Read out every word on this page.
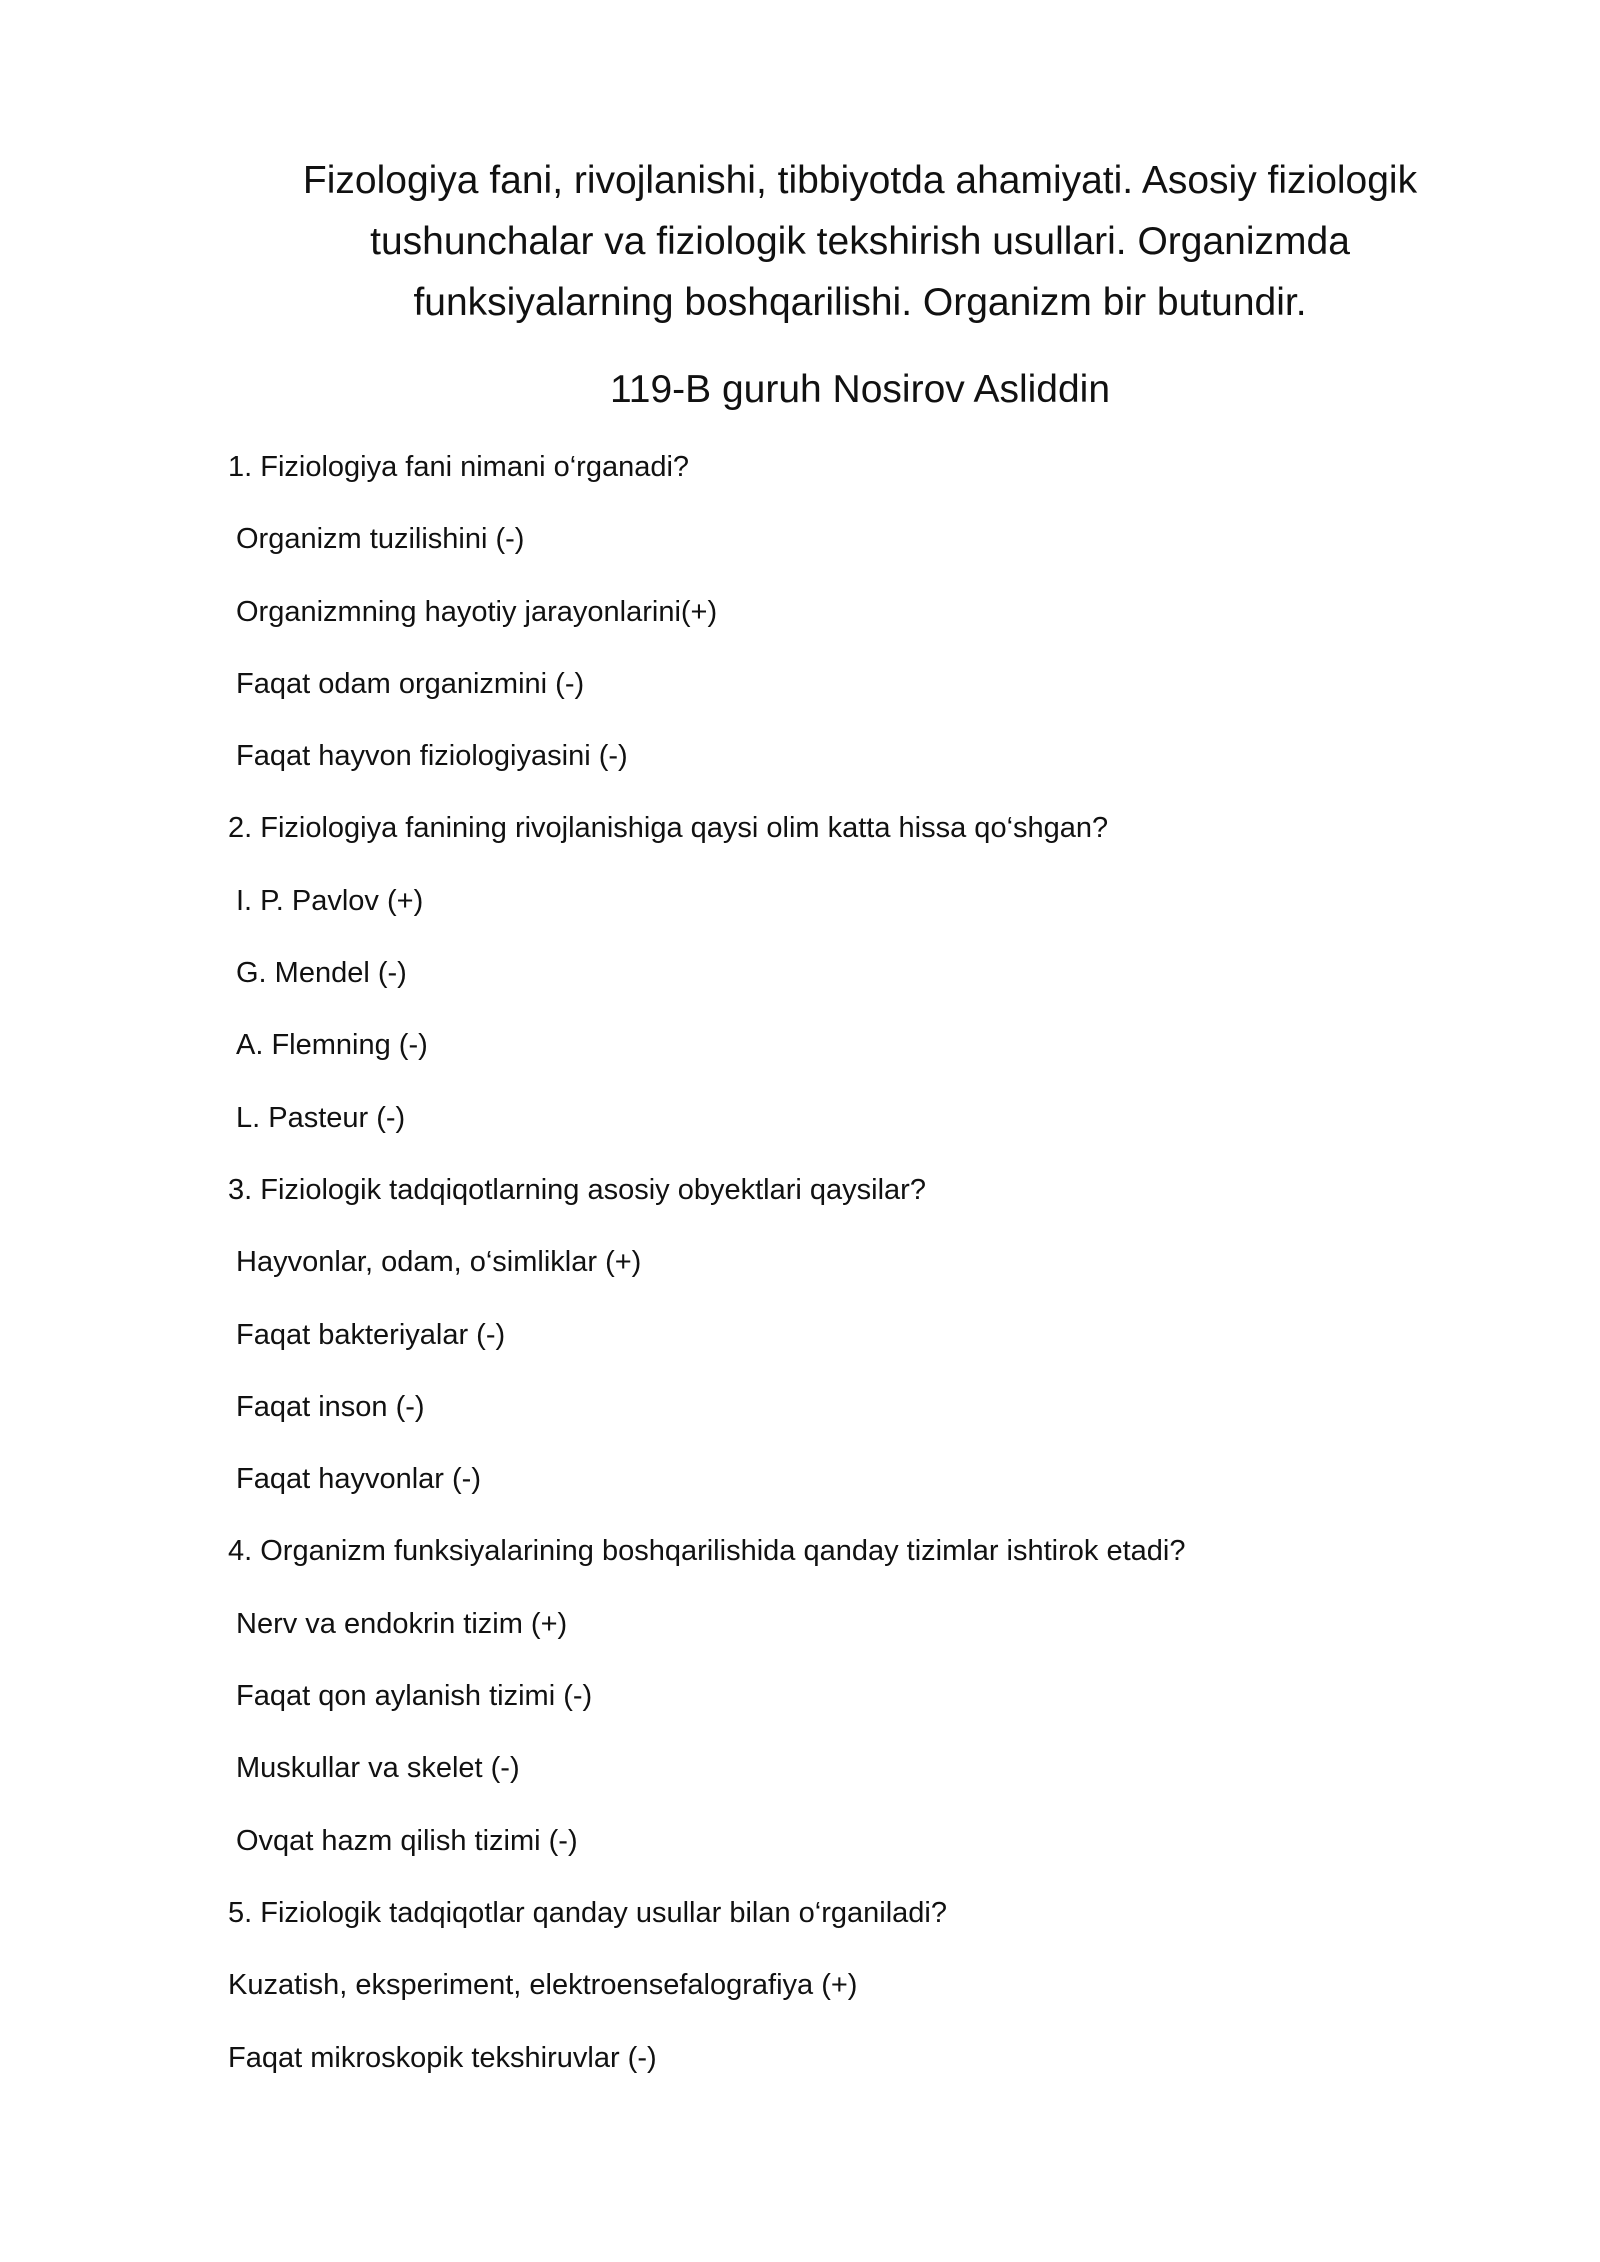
Fizologiya fani, rivojlanishi, tibbiyotda ahamiyati. Asosiy fiziologik
tushunchalar va fiziologik tekshirish usullari. Organizmda
funksiyalarning boshqarilishi. Organizm bir butundir.
119-B guruh Nosirov Asliddin
1. Fiziologiya fani nimani o‘rganadi?
Organizm tuzilishini (-)
Organizmning hayotiy jarayonlarini(+)
Faqat odam organizmini (-)
Faqat hayvon fiziologiyasini (-)
2. Fiziologiya fanining rivojlanishiga qaysi olim katta hissa qo‘shgan?
I. P. Pavlov (+)
G. Mendel (-)
A. Flemning (-)
L. Pasteur (-)
3. Fiziologik tadqiqotlarning asosiy obyektlari qaysilar?
Hayvonlar, odam, o‘simliklar (+)
Faqat bakteriyalar (-)
Faqat inson (-)
Faqat hayvonlar (-)
4. Organizm funksiyalarining boshqarilishida qanday tizimlar ishtirok etadi?
Nerv va endokrin tizim (+)
Faqat qon aylanish tizimi (-)
Muskullar va skelet (-)
Ovqat hazm qilish tizimi (-)
5. Fiziologik tadqiqotlar qanday usullar bilan o‘rganiladi?
Kuzatish, eksperiment, elektroensefalografiya (+)
Faqat mikroskopik tekshiruvlar (-)
